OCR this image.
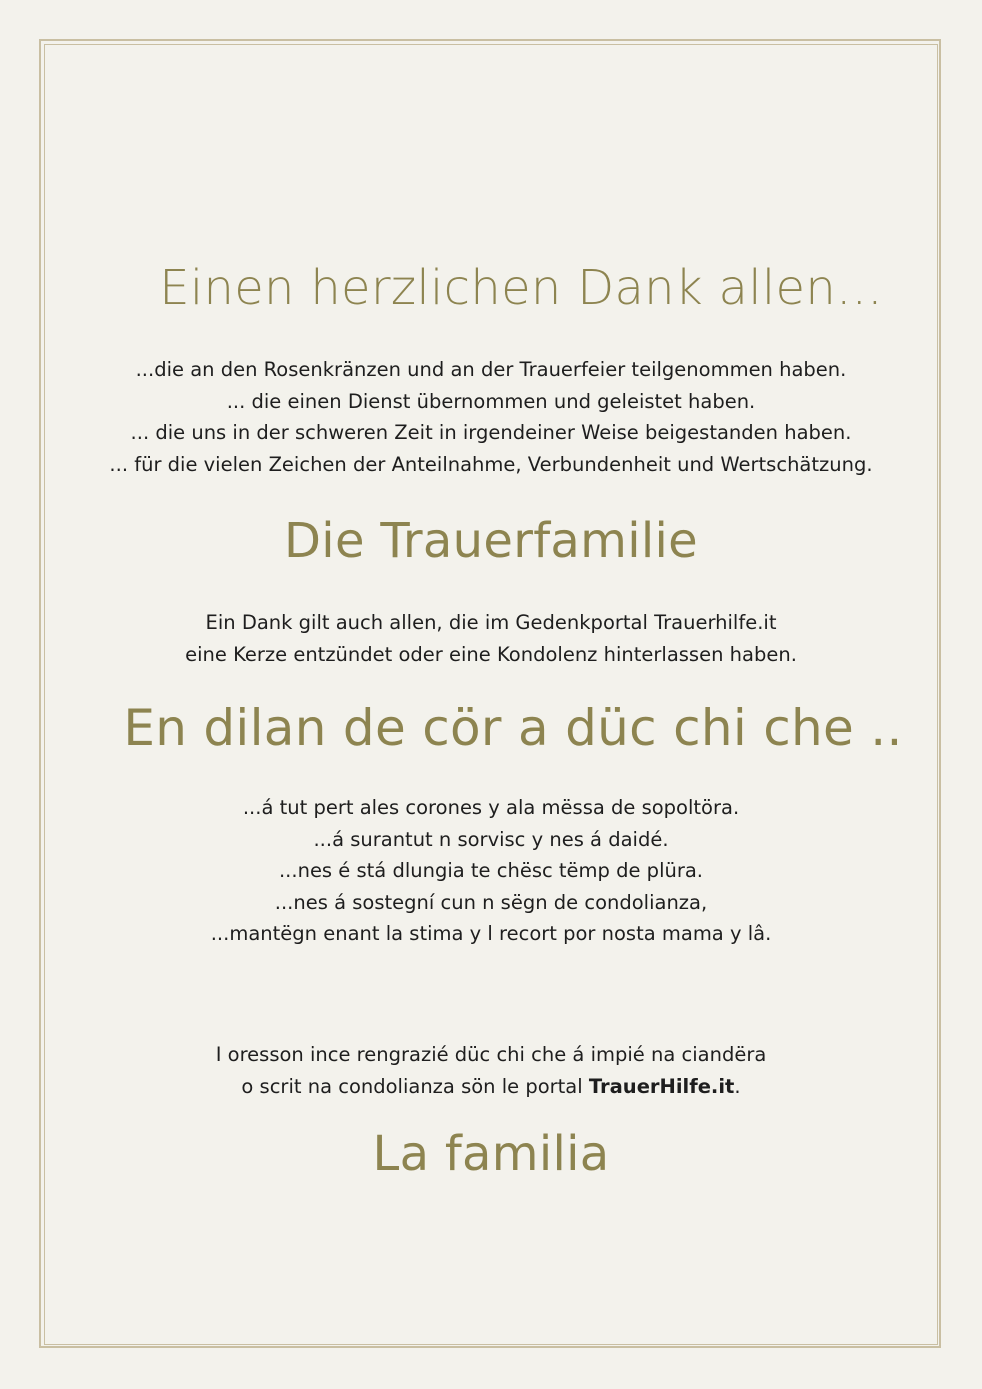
Einen herzlichen Dank allen...
...die an den Rosenkränzen und an der Trauerfeier teilgenommen haben.
... die einen Dienst übernommen und geleistet haben.
... die uns in der schweren Zeit in irgendeiner Weise beigestanden haben.
... für die vielen Zeichen der Anteilnahme, Verbundenheit und Wertschätzung.
Die Trauerfamilie
Ein Dank gilt auch allen, die im Gedenkportal Trauerhilfe.it
eine Kerze entzündet oder eine Kondolenz hinterlassen haben.
En dilan de cör a düc chi che ..
...á tut pert ales corones y ala mëssa de sopoltöra.
...á surantut n sorvisc y nes á daidé.
...nes é stá dlungia te chësc tëmp de plüra.
...nes á sostegní cun n sëgn de condolianza,
...mantëgn enant la stima y l recort por nosta mama y lâ.
I oresson ince rengrazié düc chi che á impié na ciandëra
o scrit na condolianza sön le portal TrauerHilfe.it.
La familia
